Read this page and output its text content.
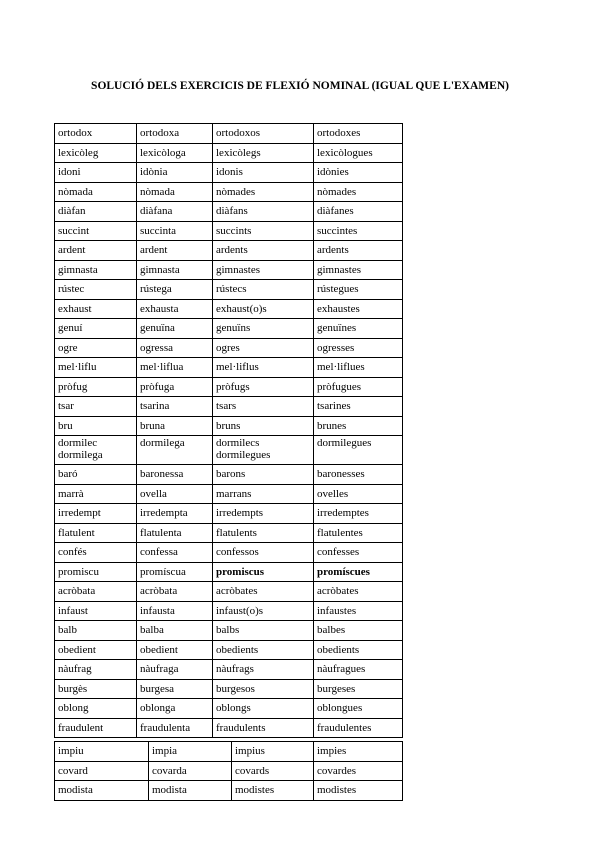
SOLUCIÓ DELS EXERCICIS DE FLEXIÓ NOMINAL (IGUAL QUE L'EXAMEN)
ortodox	ortodoxa	ortodoxos	ortodoxes
lexicòleg	lexicòloga	lexicòlegs	lexicòlogues
idoni	idònia	idonis	idònies
nòmada	nòmada	nòmades	nòmades
diàfan	diàfana	diàfans	diàfanes
succint	succinta	succints	succintes
ardent	ardent	ardents	ardents
gimnasta	gimnasta	gimnastes	gimnastes
rústec	rústega	rústecs	rústegues
exhaust	exhausta	exhaust(o)s	exhaustes
genuí	genuïna	genuïns	genuïnes
ogre	ogressa	ogres	ogresses
mel·liflu	mel·liflua	mel·liflus	mel·liflues
pròfug	pròfuga	pròfugs	pròfugues
tsar	tsarina	tsars	tsarines
bru	bruna	bruns	brunes
dormilec dormilega	dormilega	dormilecs dormilegues	dormilegues
baró	baronessa	barons	baronesses
marrà	ovella	marrans	ovelles
irredempt	irredempta	irredempts	irredemptes
flatulent	flatulenta	flatulents	flatulentes
confés	confessa	confessos	confesses
promiscu	promíscua	promiscus	promíscues
acròbata	acròbata	acròbates	acròbates
infaust	infausta	infaust(o)s	infaustes
balb	balba	balbs	balbes
obedient	obedient	obedients	obedients
nàufrag	nàufraga	nàufrags	nàufragues
burgès	burgesa	burgesos	burgeses
oblong	oblonga	oblongs	oblongues
fraudulent	fraudulenta	fraudulents	fraudulentes
impiu	impia	impius	impies
covard	covarda	covards	covardes
modista	modista	modistes	modistes
